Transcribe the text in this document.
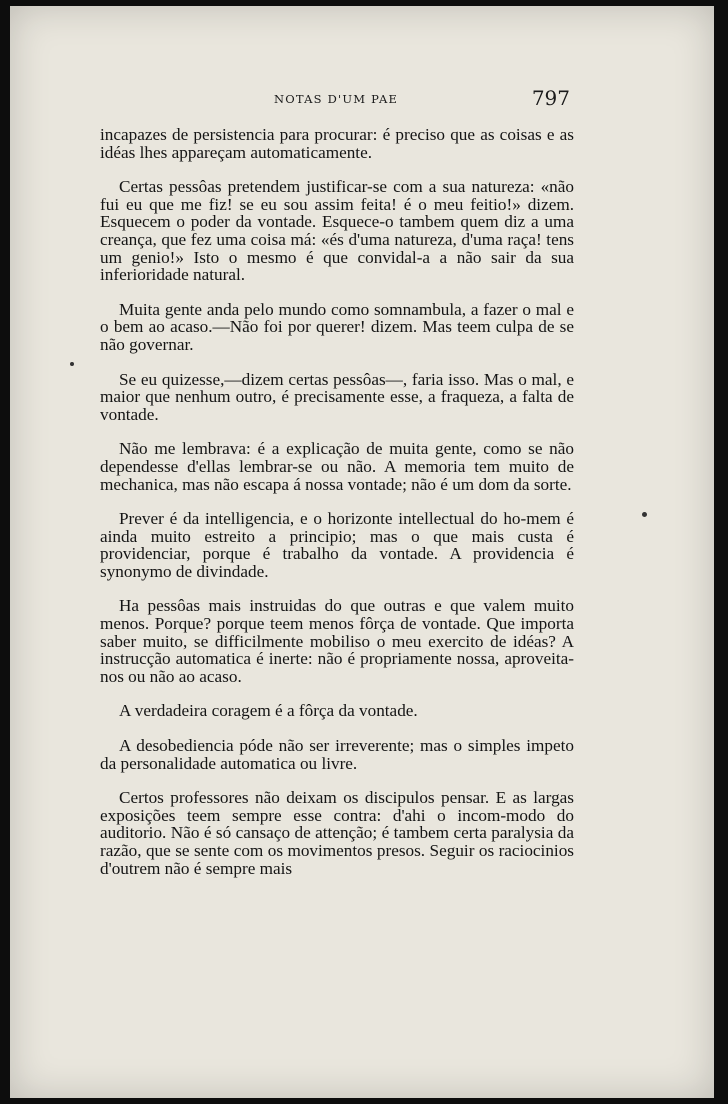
NOTAS D'UM PAE	797

incapazes de persistencia para procurar: é preciso que as coisas e as idéas lhes appareçam automaticamente.

Certas pessôas pretendem justificar-se com a sua natureza: «não fui eu que me fiz! se eu sou assim feita! é o meu feitio!» dizem. Esquecem o poder da vontade. Esquece-o tambem quem diz a uma creança, que fez uma coisa má: «és d'uma natureza, d'uma raça! tens um genio!» Isto o mesmo é que convidal-a a não sair da sua inferioridade natural.

Muita gente anda pelo mundo como somnambula, a fazer o mal e o bem ao acaso.—Não foi por querer! dizem. Mas teem culpa de se não governar.

Se eu quizesse,—dizem certas pessôas—, faria isso. Mas o mal, e maior que nenhum outro, é precisamente esse, a fraqueza, a falta de vontade.

Não me lembrava: é a explicação de muita gente, como se não dependesse d'ellas lembrar-se ou não. A memoria tem muito de mechanica, mas não escapa á nossa vontade; não é um dom da sorte.

Prever é da intelligencia, e o horizonte intellectual do ho-mem é ainda muito estreito a principio; mas o que mais custa é providenciar, porque é trabalho da vontade. A providencia é synonymo de divindade.

Ha pessôas mais instruidas do que outras e que valem muito menos. Porque? porque teem menos fôrça de vontade. Que importa saber muito, se difficilmente mobiliso o meu exercito de idéas? A instrucção automatica é inerte: não é propriamente nossa, aproveita-nos ou não ao acaso.

A verdadeira coragem é a fôrça da vontade.

A desobediencia póde não ser irreverente; mas o simples impeto da personalidade automatica ou livre.

Certos professores não deixam os discipulos pensar. E as largas exposições teem sempre esse contra: d'ahi o incom-modo do auditorio. Não é só cansaço de attenção; é tambem certa paralysia da razão, que se sente com os movimentos presos. Seguir os raciocinios d'outrem não é sempre mais
